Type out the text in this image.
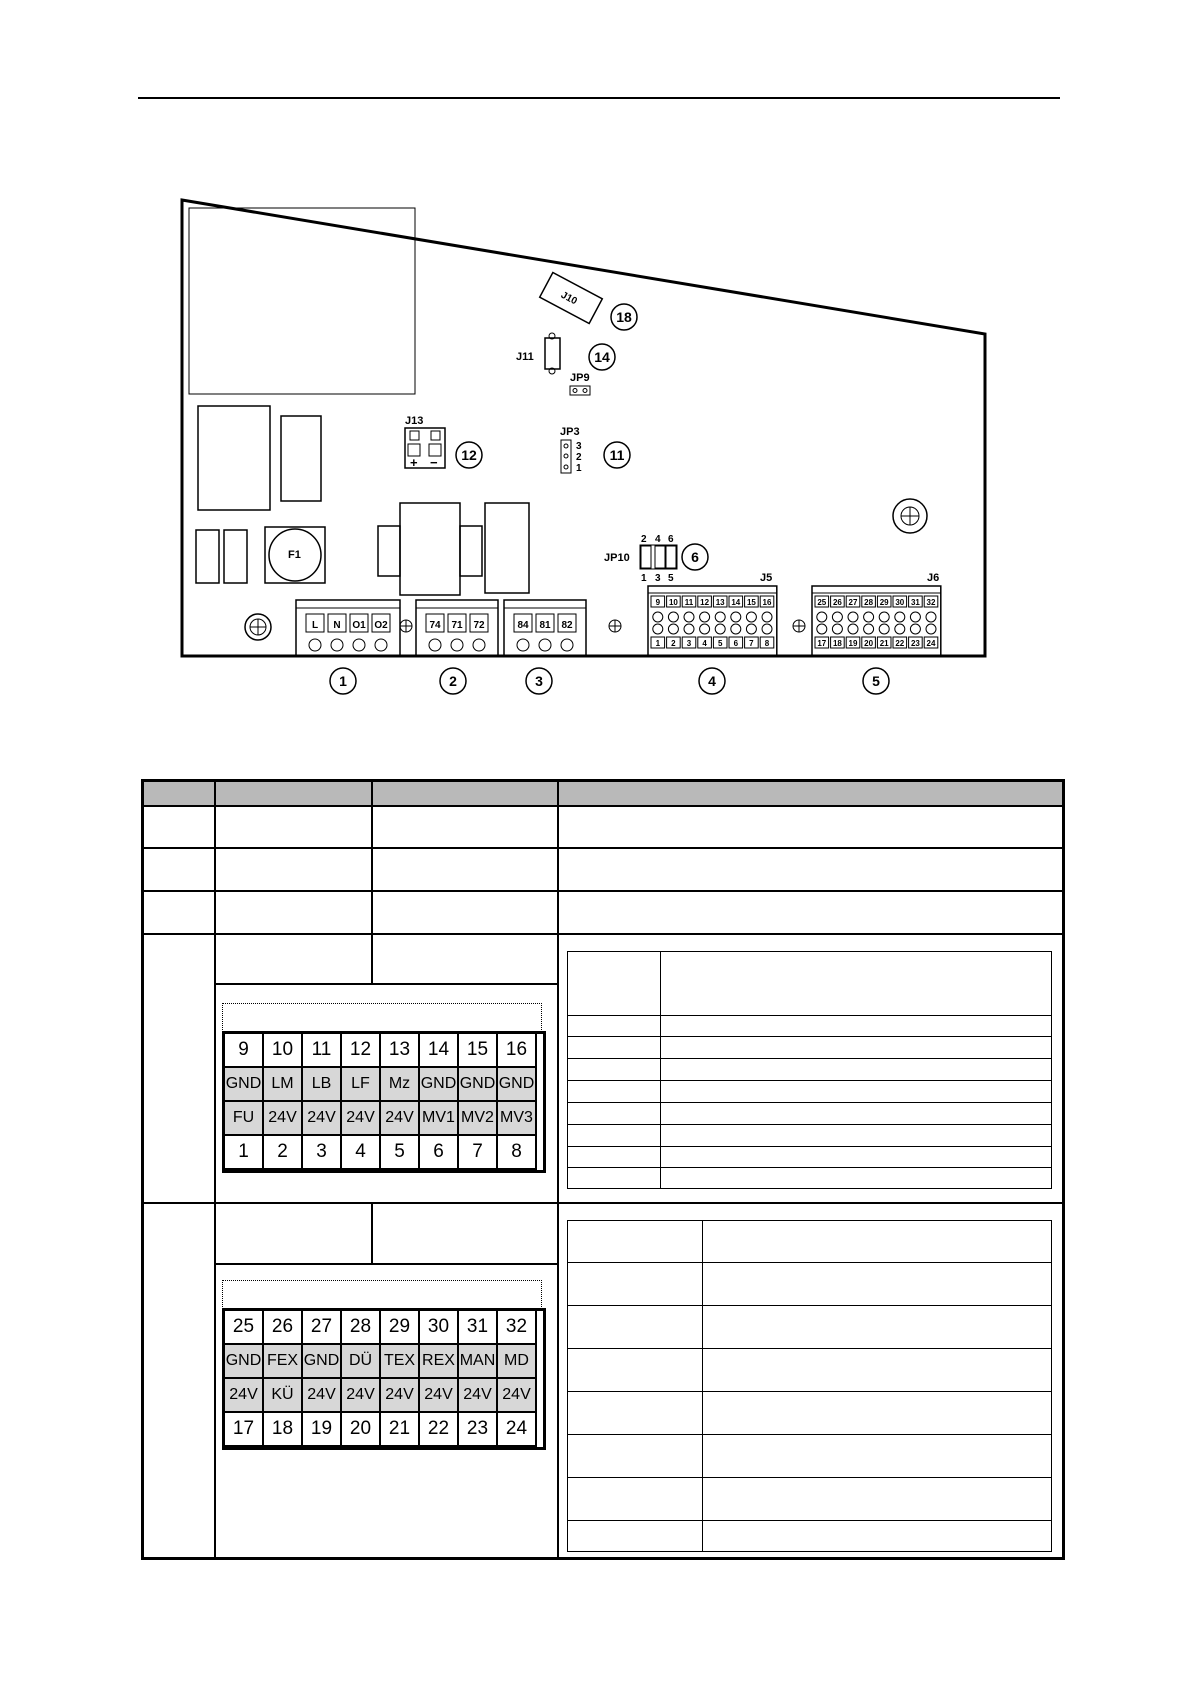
F1
J10
J11
JP9
J13
+ −
JP3
3
2
1
2 4 6
JP10
1 3 5
18
14
12	11
6
1	2	3	4	5
L N O1 O2	74 71 72	84 81 82
J5	J6
9 10 11 12 13 14 15 16
1 2 3 4 5 6 7 8
25 26 27 28 29 30 31 32
17 18 19 20 21 22 23 24
9	10	11	12	13	14	15	16
GND	LM	LB	LF	Mz	GND	GND	GND
FU	24V	24V	24V	24V	MV1	MV2	MV3
1	2	3	4	5	6	7	8
25	26	27	28	29	30	31	32
GND	FEX	GND	DÜ	TEX	REX	MAN	MD
24V	KÜ	24V	24V	24V	24V	24V	24V
17	18	19	20	21	22	23	24
